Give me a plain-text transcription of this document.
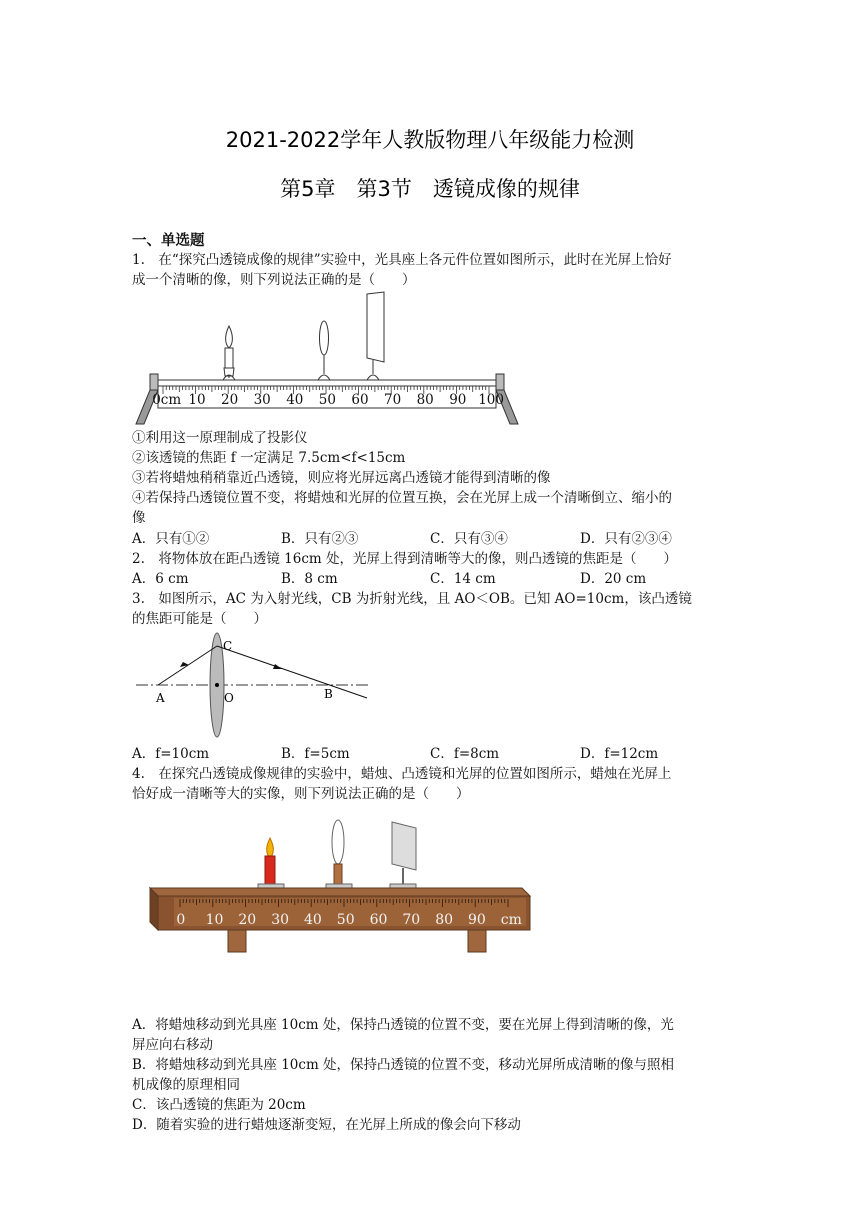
2021-2022学年人教版物理八年级能力检测
第5章　第3节　透镜成像的规律
一、单选题
1.　在“探究凸透镜成像的规律”实验中，光具座上各元件位置如图所示，此时在光屏上恰好
成一个清晰的像，则下列说法正确的是（　　）
0cm 10 20 30 40 50 60 70 80 90 100
①利用这一原理制成了投影仪
②该透镜的焦距 f 一定满足 7.5cm<f<15cm
③若将蜡烛稍稍靠近凸透镜，则应将光屏远离凸透镜才能得到清晰的像
④若保持凸透镜位置不变，将蜡烛和光屏的位置互换，会在光屏上成一个清晰倒立、缩小的
像
A．只有①②	B．只有②③	C．只有③④	D．只有②③④
2.　将物体放在距凸透镜 16cm 处，光屏上得到清晰等大的像，则凸透镜的焦距是（　　）
A．6 cm	B．8 cm	C．14 cm	D．20 cm
3.　如图所示，AC 为入射光线，CB 为折射光线，且 AO＜OB。已知 AO=10cm，该凸透镜
的焦距可能是（　　）
A
C
O	B
A．f=10cm	B．f=5cm	C．f=8cm	D．f=12cm
4.　在探究凸透镜成像规律的实验中，蜡烛、凸透镜和光屏的位置如图所示，蜡烛在光屏上
恰好成一清晰等大的实像，则下列说法正确的是（　　）
0 10 20 30 40 50 60 70 80 90 cm
A．将蜡烛移动到光具座 10cm 处，保持凸透镜的位置不变，要在光屏上得到清晰的像，光
屏应向右移动
B．将蜡烛移动到光具座 10cm 处，保持凸透镜的位置不变，移动光屏所成清晰的像与照相
机成像的原理相同
C．该凸透镜的焦距为 20cm
D．随着实验的进行蜡烛逐渐变短，在光屏上所成的像会向下移动
